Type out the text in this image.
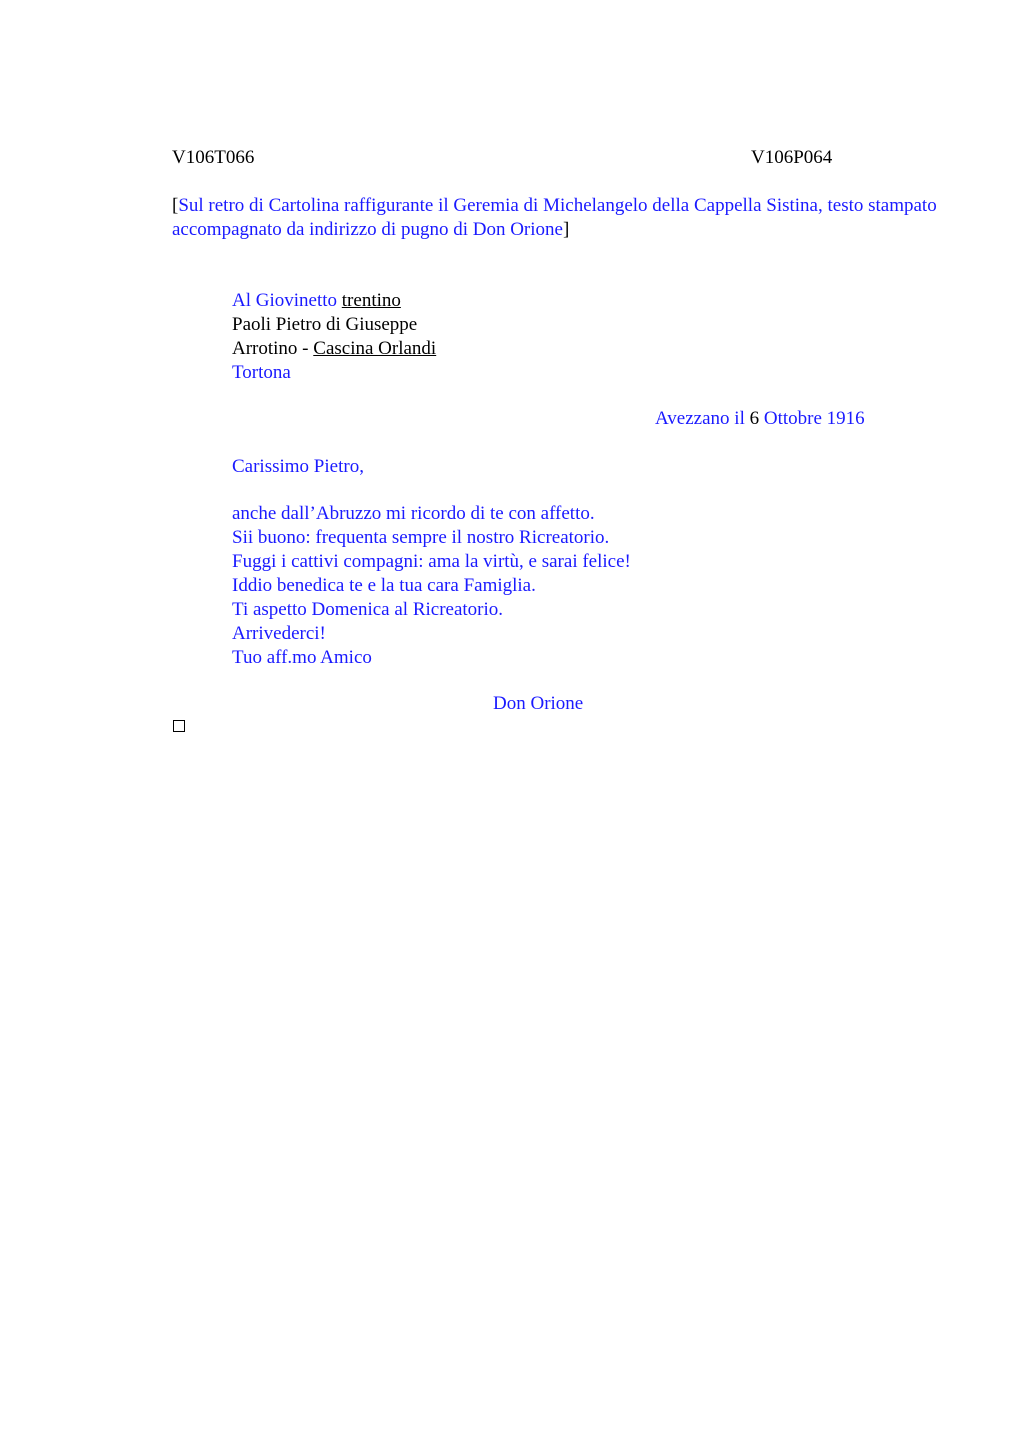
V106T066	V106P064
[Sul retro di Cartolina raffigurante il Geremia di Michelangelo della Cappella Sistina, testo stampato accompagnato da indirizzo di pugno di Don Orione]
Al Giovinetto trentino
Paoli Pietro di Giuseppe
Arrotino - Cascina Orlandi
Tortona
Avezzano il 6 Ottobre 1916
Carissimo Pietro,
anche dall’Abruzzo mi ricordo di te con affetto.
Sii buono: frequenta sempre il nostro Ricreatorio.
Fuggi i cattivi compagni: ama la virtù, e sarai felice!
Iddio benedica te e la tua cara Famiglia.
Ti aspetto Domenica al Ricreatorio.
Arrivederci!
Tuo aff.mo Amico
Don Orione
